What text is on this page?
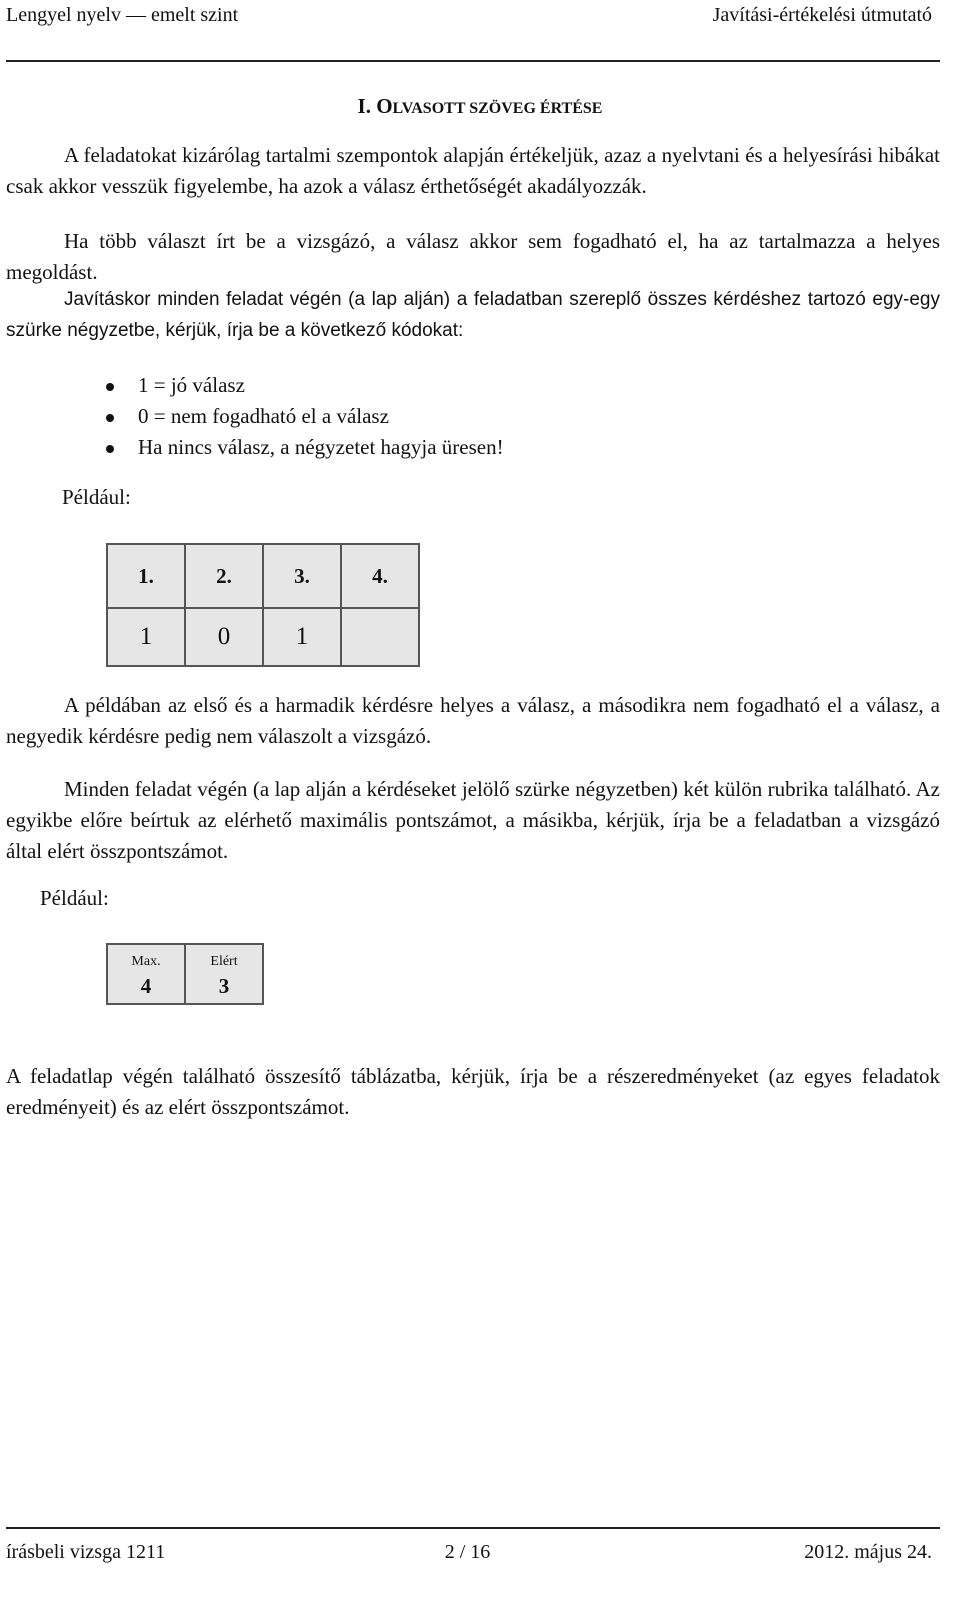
Lengyel nyelv — emelt szint	Javítási-értékelési útmutató
I. OLVASOTT SZÖVEG ÉRTÉSE

A feladatokat kizárólag tartalmi szempontok alapján értékeljük, azaz a nyelvtani és a helyesírási hibákat csak akkor vesszük figyelembe, ha azok a válasz érthetőségét akadályozzák.

Ha több választ írt be a vizsgázó, a válasz akkor sem fogadható el, ha az tartalmazza a helyes megoldást.

Javításkor minden feladat végén (a lap alján) a feladatban szereplő összes kérdéshez tartozó egy-egy szürke négyzetbe, kérjük, írja be a következő kódokat:

1 = jó válasz
0 = nem fogadható el a válasz
Ha nincs válasz, a négyzetet hagyja üresen!
Például:
1.	2.	3.	4.
1	0	1	

A példában az első és a harmadik kérdésre helyes a válasz, a másodikra nem fogadható el a válasz, a negyedik kérdésre pedig nem válaszolt a vizsgázó.

Minden feladat végén (a lap alján a kérdéseket jelölő szürke négyzetben) két külön rubrika található. Az egyikbe előre beírtuk az elérhető maximális pontszámot, a másikba, kérjük, írja be a feladatban a vizsgázó által elért összpontszámot.

Például:
Max.
4

Elért
3

A feladatlap végén található összesítő táblázatba, kérjük, írja be a részeredményeket (az egyes feladatok eredményeit) és az elért összpontszámot.

írásbeli vizsga 1211	2 / 16	2012. május 24.
